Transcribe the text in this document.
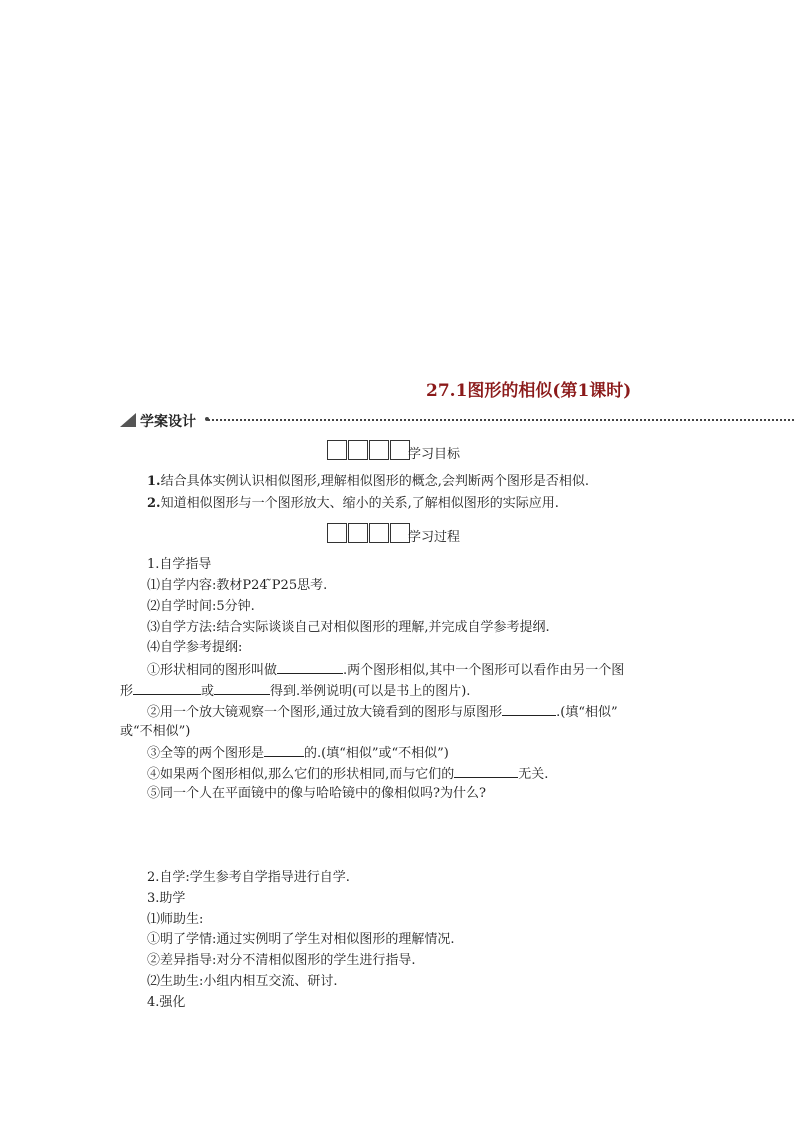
27.1图形的相似(第1课时)
学案设计
学习目标
1.结合具体实例认识相似图形,理解相似图形的概念,会判断两个图形是否相似.
2.知道相似图形与一个图形放大、缩小的关系,了解相似图形的实际应用.
学习过程
1.自学指导
⑴自学内容:教材P24 ̃P25思考.
⑵自学时间:5分钟.
⑶自学方法:结合实际谈谈自己对相似图形的理解,并完成自学参考提纲.
⑷自学参考提纲:
①形状相同的图形叫做	.两个图形相似,其中一个图形可以看作由另一个图
形	或	得到.举例说明(可以是书上的图片).
②用一个放大镜观察一个图形,通过放大镜看到的图形与原图形	.(填“相似”
或“不相似”)
③全等的两个图形是	的.(填“相似”或“不相似”)
④如果两个图形相似,那么它们的形状相同,而与它们的	无关.
⑤同一个人在平面镜中的像与哈哈镜中的像相似吗?为什么?
2.自学:学生参考自学指导进行自学.
3.助学
⑴师助生:
①明了学情:通过实例明了学生对相似图形的理解情况.
②差异指导:对分不清相似图形的学生进行指导.
⑵生助生:小组内相互交流、研讨.
4.强化
